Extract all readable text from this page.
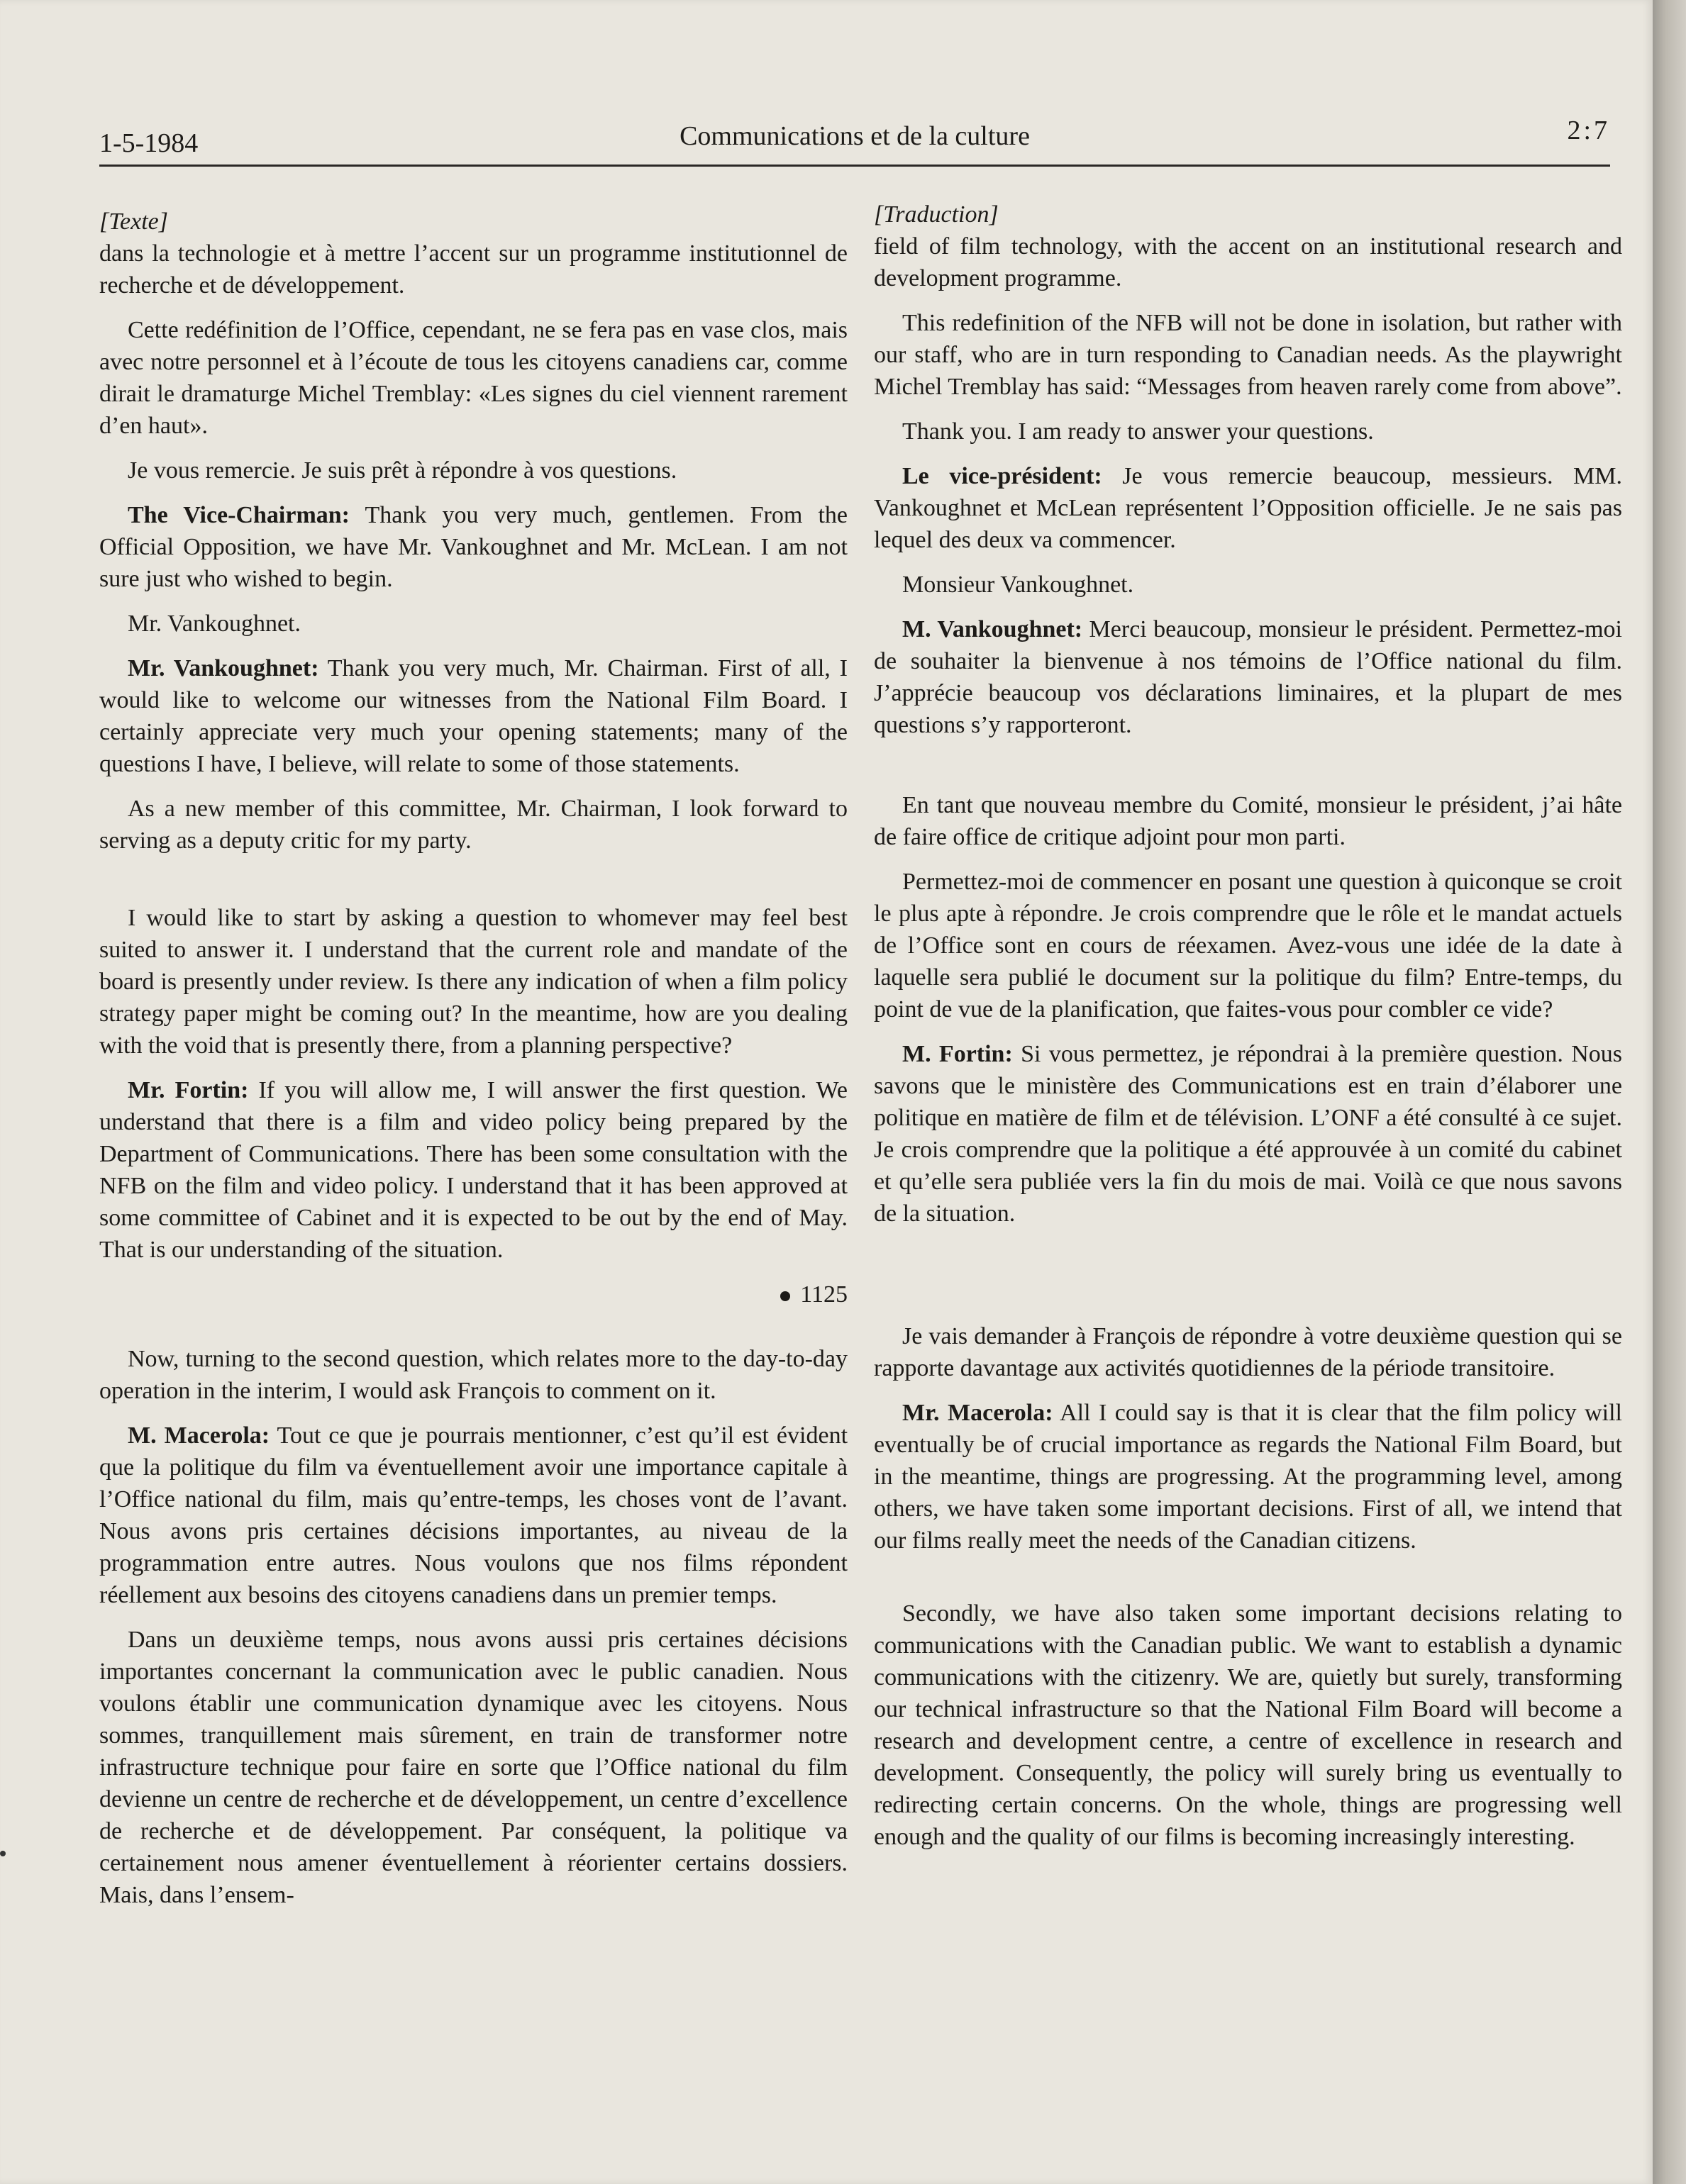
1-5-1984	Communications et de la culture	2:7

[Texte]

dans la technologie et à mettre l’accent sur un programme institutionnel de recherche et de développement.

Cette redéfinition de l’Office, cependant, ne se fera pas en vase clos, mais avec notre personnel et à l’écoute de tous les citoyens canadiens car, comme dirait le dramaturge Michel Tremblay: «Les signes du ciel viennent rarement d’en haut».

Je vous remercie. Je suis prêt à répondre à vos questions.

The Vice-Chairman: Thank you very much, gentlemen. From the Official Opposition, we have Mr. Vankoughnet and Mr. McLean. I am not sure just who wished to begin.

Mr. Vankoughnet.

Mr. Vankoughnet: Thank you very much, Mr. Chairman. First of all, I would like to welcome our witnesses from the National Film Board. I certainly appreciate very much your opening statements; many of the questions I have, I believe, will relate to some of those statements.

As a new member of this committee, Mr. Chairman, I look forward to serving as a deputy critic for my party.

I would like to start by asking a question to whomever may feel best suited to answer it. I understand that the current role and mandate of the board is presently under review. Is there any indication of when a film policy strategy paper might be coming out? In the meantime, how are you dealing with the void that is presently there, from a planning perspective?

Mr. Fortin: If you will allow me, I will answer the first question. We understand that there is a film and video policy being prepared by the Department of Communications. There has been some consultation with the NFB on the film and video policy. I understand that it has been approved at some committee of Cabinet and it is expected to be out by the end of May. That is our understanding of the situation.

1125

Now, turning to the second question, which relates more to the day-to-day operation in the interim, I would ask François to comment on it.

M. Macerola: Tout ce que je pourrais mentionner, c’est qu’il est évident que la politique du film va éventuellement avoir une importance capitale à l’Office national du film, mais qu’entre-temps, les choses vont de l’avant. Nous avons pris certaines décisions importantes, au niveau de la programmation entre autres. Nous voulons que nos films répondent réellement aux besoins des citoyens canadiens dans un premier temps.

Dans un deuxième temps, nous avons aussi pris certaines décisions importantes concernant la communication avec le public canadien. Nous voulons établir une communication dynamique avec les citoyens. Nous sommes, tranquillement mais sûrement, en train de transformer notre infrastructure technique pour faire en sorte que l’Office national du film devienne un centre de recherche et de développement, un centre d’excellence de recherche et de développement. Par conséquent, la politique va certainement nous amener éventuellement à réorienter certains dossiers. Mais, dans l’ensem-

[Traduction]

field of film technology, with the accent on an institutional research and development programme.

This redefinition of the NFB will not be done in isolation, but rather with our staff, who are in turn responding to Canadian needs. As the playwright Michel Tremblay has said: “Messages from heaven rarely come from above”.

Thank you. I am ready to answer your questions.

Le vice-président: Je vous remercie beaucoup, messieurs. MM. Vankoughnet et McLean représentent l’Opposition officielle. Je ne sais pas lequel des deux va commencer.

Monsieur Vankoughnet.

M. Vankoughnet: Merci beaucoup, monsieur le président. Permettez-moi de souhaiter la bienvenue à nos témoins de l’Office national du film. J’apprécie beaucoup vos déclarations liminaires, et la plupart de mes questions s’y rapporteront.

En tant que nouveau membre du Comité, monsieur le président, j’ai hâte de faire office de critique adjoint pour mon parti.

Permettez-moi de commencer en posant une question à quiconque se croit le plus apte à répondre. Je crois comprendre que le rôle et le mandat actuels de l’Office sont en cours de réexamen. Avez-vous une idée de la date à laquelle sera publié le document sur la politique du film? Entre-temps, du point de vue de la planification, que faites-vous pour combler ce vide?

M. Fortin: Si vous permettez, je répondrai à la première question. Nous savons que le ministère des Communications est en train d’élaborer une politique en matière de film et de télévision. L’ONF a été consulté à ce sujet. Je crois comprendre que la politique a été approuvée à un comité du cabinet et qu’elle sera publiée vers la fin du mois de mai. Voilà ce que nous savons de la situation.

Je vais demander à François de répondre à votre deuxième question qui se rapporte davantage aux activités quotidiennes de la période transitoire.

Mr. Macerola: All I could say is that it is clear that the film policy will eventually be of crucial importance as regards the National Film Board, but in the meantime, things are progressing. At the programming level, among others, we have taken some important decisions. First of all, we intend that our films really meet the needs of the Canadian citizens.

Secondly, we have also taken some important decisions relating to communications with the Canadian public. We want to establish a dynamic communications with the citizenry. We are, quietly but surely, transforming our technical infrastructure so that the National Film Board will become a research and development centre, a centre of excellence in research and development. Consequently, the policy will surely bring us eventually to redirecting certain concerns. On the whole, things are progressing well enough and the quality of our films is becoming increasingly interesting.
